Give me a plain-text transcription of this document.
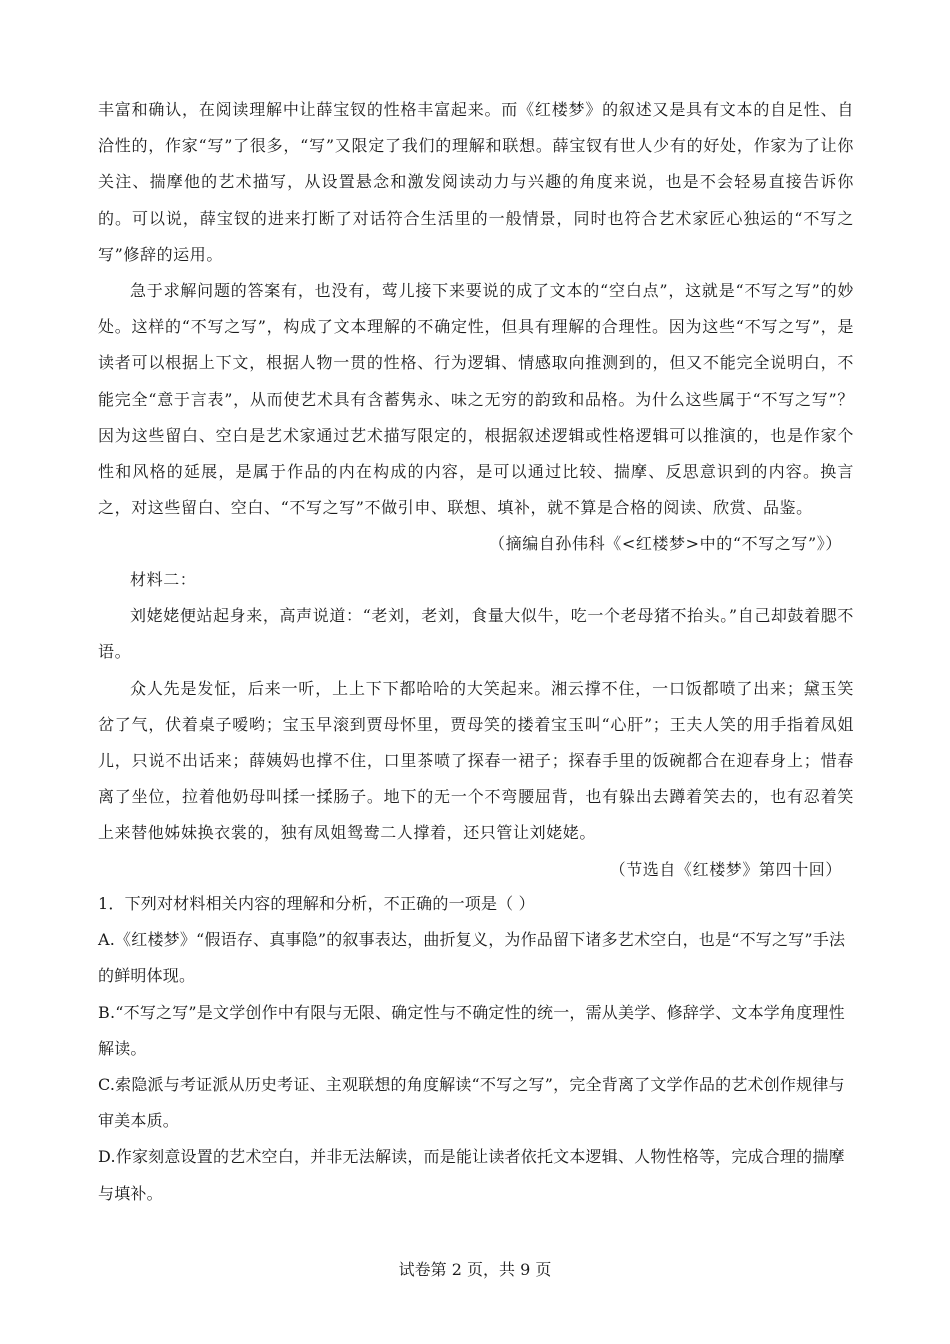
丰富和确认，在阅读理解中让薛宝钗的性格丰富起来。而《红楼梦》的叙述又是具有文本的自足性、自洽性的，作家“写”了很多，“写”又限定了我们的理解和联想。薛宝钗有世人少有的好处，作家为了让你关注、揣摩他的艺术描写，从设置悬念和激发阅读动力与兴趣的角度来说，也是不会轻易直接告诉你的。可以说，薛宝钗的进来打断了对话符合生活里的一般情景，同时也符合艺术家匠心独运的“不写之写”修辞的运用。

急于求解问题的答案有，也没有，莺儿接下来要说的成了文本的“空白点”，这就是“不写之写”的妙处。这样的“不写之写”，构成了文本理解的不确定性，但具有理解的合理性。因为这些“不写之写”，是读者可以根据上下文，根据人物一贯的性格、行为逻辑、情感取向推测到的，但又不能完全说明白，不能完全“意于言表”，从而使艺术具有含蓄隽永、味之无穷的韵致和品格。为什么这些属于“不写之写”？因为这些留白、空白是艺术家通过艺术描写限定的，根据叙述逻辑或性格逻辑可以推演的，也是作家个性和风格的延展，是属于作品的内在构成的内容，是可以通过比较、揣摩、反思意识到的内容。换言之，对这些留白、空白、“不写之写”不做引申、联想、填补，就不算是合格的阅读、欣赏、品鉴。

（摘编自孙伟科《<红楼梦>中的“不写之写”》）

材料二：

刘姥姥便站起身来，高声说道：“老刘，老刘，食量大似牛，吃一个老母猪不抬头。”自己却鼓着腮不语。

众人先是发怔，后来一听，上上下下都哈哈的大笑起来。湘云撑不住，一口饭都喷了出来；黛玉笑岔了气，伏着桌子嗳哟；宝玉早滚到贾母怀里，贾母笑的搂着宝玉叫“心肝”；王夫人笑的用手指着凤姐儿，只说不出话来；薛姨妈也撑不住，口里茶喷了探春一裙子；探春手里的饭碗都合在迎春身上；惜春离了坐位，拉着他奶母叫揉一揉肠子。地下的无一个不弯腰屈背，也有躲出去蹲着笑去的，也有忍着笑上来替他姊妹换衣裳的，独有凤姐鸳鸯二人撑着，还只管让刘姥姥。

（节选自《红楼梦》第四十回）

1．下列对材料相关内容的理解和分析，不正确的一项是（ ）

A.《红楼梦》“假语存、真事隐”的叙事表达，曲折复义，为作品留下诸多艺术空白，也是“不写之写”手法的鲜明体现。

B.“不写之写”是文学创作中有限与无限、确定性与不确定性的统一，需从美学、修辞学、文本学角度理性解读。

C.索隐派与考证派从历史考证、主观联想的角度解读“不写之写”，完全背离了文学作品的艺术创作规律与审美本质。

D.作家刻意设置的艺术空白，并非无法解读，而是能让读者依托文本逻辑、人物性格等，完成合理的揣摩与填补。

试卷第 2 页，共 9 页
